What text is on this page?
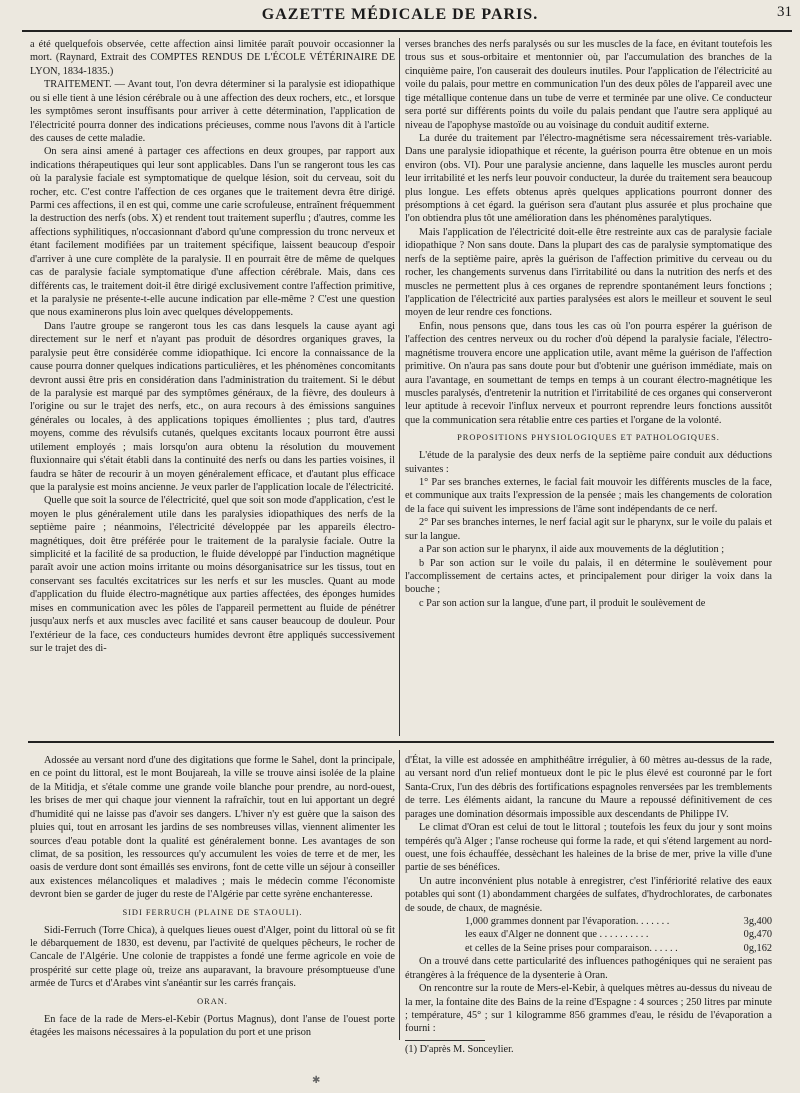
GAZETTE MÉDICALE DE PARIS.	31

a été quelquefois observée, cette affection ainsi limitée paraît pouvoir occasionner la mort. (Raynard, Extrait des COMPTES RENDUS DE L'ÉCOLE VÉTÉRINAIRE DE LYON, 1834-1835.)

TRAITEMENT. — Avant tout, l'on devra déterminer si la paralysie est idiopathique ou si elle tient à une lésion cérébrale ou à une affection des deux rochers, etc., et lorsque les symptômes seront insuffisants pour arriver à cette détermination, l'application de l'électricité pourra donner des indications précieuses, comme nous l'avons dit à l'article des causes de cette maladie.

On sera ainsi amené à partager ces affections en deux groupes, par rapport aux indications thérapeutiques qui leur sont applicables. Dans l'un se rangeront tous les cas où la paralysie faciale est symptomatique de quelque lésion, soit du cerveau, soit du rocher, etc. C'est contre l'affection de ces organes que le traitement devra être dirigé. Parmi ces affections, il en est qui, comme une carie scrofuleuse, entraînent fréquemment la destruction des nerfs (obs. X) et rendent tout traitement superflu ; d'autres, comme les affections syphilitiques, n'occasionnant d'abord qu'une compression du tronc nerveux et étant facilement modifiées par un traitement spécifique, laissent beaucoup d'espoir d'arriver à une cure complète de la paralysie. Il en pourrait être de même de quelques cas de paralysie faciale symptomatique d'une affection cérébrale. Mais, dans ces différents cas, le traitement doit-il être dirigé exclusivement contre l'affection primitive, et la paralysie ne présente-t-elle aucune indication par elle-même ? C'est une question que nous examinerons plus loin avec quelques développements.

Dans l'autre groupe se rangeront tous les cas dans lesquels la cause ayant agi directement sur le nerf et n'ayant pas produit de désordres organiques graves, la paralysie peut être considérée comme idiopathique. Ici encore la connaissance de la cause pourra donner quelques indications particulières, et les phénomènes concomitants devront aussi être pris en considération dans l'administration du traitement. Si le début de la paralysie est marqué par des symptômes généraux, de la fièvre, des douleurs à l'origine ou sur le trajet des nerfs, etc., on aura recours à des émissions sanguines générales ou locales, à des applications topiques émollientes ; plus tard, d'autres moyens, comme des révulsifs cutanés, quelques excitants locaux pourront être aussi utilement employés ; mais lorsqu'on aura obtenu la résolution du mouvement fluxionnaire qui s'était établi dans la continuité des nerfs ou dans les parties voisines, il faudra se hâter de recourir à un moyen généralement efficace, et d'autant plus efficace que la paralysie est moins ancienne. Je veux parler de l'application locale de l'électricité.

Quelle que soit la source de l'électricité, quel que soit son mode d'application, c'est le moyen le plus généralement utile dans les paralysies idiopathiques des nerfs de la septième paire ; néanmoins, l'électricité développée par les appareils électro-magnétiques, doit être préférée pour le traitement de la paralysie faciale. Outre la simplicité et la facilité de sa production, le fluide développé par l'induction magnétique paraît avoir une action moins irritante ou moins désorganisatrice sur les tissus, tout en conservant ses facultés excitatrices sur les nerfs et sur les muscles. Quant au mode d'application du fluide électro-magnétique aux parties affectées, des éponges humides mises en communication avec les pôles de l'appareil permettent au fluide de pénétrer jusqu'aux nerfs et aux muscles avec facilité et sans causer beaucoup de douleur. Pour l'extérieur de la face, ces conducteurs humides devront être appliqués successivement sur le trajet des di-

verses branches des nerfs paralysés ou sur les muscles de la face, en évitant toutefois les trous sus et sous-orbitaire et mentonnier où, par l'accumulation des branches de la cinquième paire, l'on causerait des douleurs inutiles. Pour l'application de l'électricité au voile du palais, pour mettre en communication l'un des deux pôles de l'appareil avec une tige métallique contenue dans un tube de verre et terminée par une olive. Ce conducteur sera porté sur différents points du voile du palais pendant que l'autre sera appliqué au niveau de l'apophyse mastoïde ou au voisinage du conduit auditif externe.

La durée du traitement par l'électro-magnétisme sera nécessairement très-variable. Dans une paralysie idiopathique et récente, la guérison pourra être obtenue en un mois environ (obs. VI). Pour une paralysie ancienne, dans laquelle les muscles auront perdu leur irritabilité et les nerfs leur pouvoir conducteur, la durée du traitement sera beaucoup plus longue. Les effets obtenus après quelques applications pourront donner des présomptions à cet égard. la guérison sera d'autant plus assurée et plus prochaine que l'on obtiendra plus tôt une amélioration dans les phénomènes paralytiques.

Mais l'application de l'électricité doit-elle être restreinte aux cas de paralysie faciale idiopathique ? Non sans doute. Dans la plupart des cas de paralysie symptomatique des nerfs de la septième paire, après la guérison de l'affection primitive du cerveau ou du rocher, les changements survenus dans l'irritabilité ou dans la nutrition des nerfs et des muscles ne permettent plus à ces organes de reprendre spontanément leurs fonctions ; l'application de l'électricité aux parties paralysées est alors le meilleur et souvent le seul moyen de leur rendre ces fonctions.

Enfin, nous pensons que, dans tous les cas où l'on pourra espérer la guérison de l'affection des centres nerveux ou du rocher d'où dépend la paralysie faciale, l'électro-magnétisme trouvera encore une application utile, avant même la guérison de l'affection primitive. On n'aura pas sans doute pour but d'obtenir une guérison immédiate, mais on aura l'avantage, en soumettant de temps en temps à un courant électro-magnétique les muscles paralysés, d'entretenir la nutrition et l'irritabilité de ces organes qui conserveront leur aptitude à recevoir l'influx nerveux et pourront reprendre leurs fonctions aussitôt que la communication sera rétablie entre ces parties et l'organe de la volonté.

PROPOSITIONS PHYSIOLOGIQUES ET PATHOLOGIQUES.

L'étude de la paralysie des deux nerfs de la septième paire conduit aux déductions suivantes :

1° Par ses branches externes, le facial fait mouvoir les différents muscles de la face, et communique aux traits l'expression de la pensée ; mais les changements de coloration de la face qui suivent les impressions de l'âme sont indépendants de ce nerf.

2° Par ses branches internes, le nerf facial agit sur le pharynx, sur le voile du palais et sur la langue.

a Par son action sur le pharynx, il aide aux mouvements de la déglutition ;

b Par son action sur le voile du palais, il en détermine le soulèvement pour l'accomplissement de certains actes, et principalement pour diriger la voix dans la bouche ;

c Par son action sur la langue, d'une part, il produit le soulèvement de

Adossée au versant nord d'une des digitations que forme le Sahel, dont la principale, en ce point du littoral, est le mont Boujareah, la ville se trouve ainsi isolée de la plaine de la Mitidja, et s'étale comme une grande voile blanche pour prendre, au nord-ouest, les brises de mer qui chaque jour viennent la rafraîchir, tout en lui apportant un degré d'humidité qui ne laisse pas d'avoir ses dangers. L'hiver n'y est guère que la saison des pluies qui, tout en arrosant les jardins de ses nombreuses villas, viennent alimenter les sources d'eau potable dont la qualité est généralement bonne. Les avantages de son climat, de sa position, les ressources qu'y accumulent les voies de terre et de mer, les oasis de verdure dont sont émaillés ses environs, font de cette ville un séjour à conseiller aux existences mélancoliques et maladives ; mais le médecin comme l'économiste devront bien se garder de juger du reste de l'Algérie par cette syrène enchanteresse.

SIDI FERRUCH (PLAINE DE STAOULI).

Sidi-Ferruch (Torre Chica), à quelques lieues ouest d'Alger, point du littoral où se fit le débarquement de 1830, est devenu, par l'activité de quelques pêcheurs, le rocher de Cancale de l'Algérie. Une colonie de trappistes a fondé une ferme agricole en voie de prospérité sur cette plage où, treize ans auparavant, la bravoure présomptueuse d'une armée de Turcs et d'Arabes vint s'anéantir sur les carrés français.

ORAN.

En face de la rade de Mers-el-Kebir (Portus Magnus), dont l'anse de l'ouest porte étagées les maisons nécessaires à la population du port et une prison

d'État, la ville est adossée en amphithéâtre irrégulier, à 60 mètres au-dessus de la rade, au versant nord d'un relief montueux dont le pic le plus élevé est couronné par le fort Santa-Crux, l'un des débris des fortifications espagnoles renversées par les tremblements de terre. Les éléments aidant, la rancune du Maure a repoussé définitivement de ces parages une domination désormais impossible aux descendants de Philippe IV.

Le climat d'Oran est celui de tout le littoral ; toutefois les feux du jour y sont moins tempérés qu'à Alger ; l'anse rocheuse qui forme la rade, et qui s'étend largement au nord-ouest, une fois échauffée, dessèchant les haleines de la brise de mer, prive la ville d'une partie de ses bénéfices.

Un autre inconvénient plus notable à enregistrer, c'est l'infériorité relative des eaux potables qui sont (1) abondamment chargées de sulfates, d'hydrochlorates, de carbonates de soude, de chaux, de magnésie.

1,000 grammes donnent par l'évaporation. . . . . . .	3g,400
les eaux d'Alger ne donnent que . . . . . . . . . .	0g,470
et celles de la Seine prises pour comparaison. . . . . .	0g,162

On a trouvé dans cette particularité des influences pathogéniques qui ne seraient pas étrangères à la fréquence de la dysenterie à Oran.

On rencontre sur la route de Mers-el-Kebir, à quelques mètres au-dessus du niveau de la mer, la fontaine dite des Bains de la reine d'Espagne : 4 sources ; 250 litres par minute ; température, 45° ; sur 1 kilogramme 856 grammes d'eau, le résidu de l'évaporation a fourni :

(1) D'après M. Sonceylier.

✱
